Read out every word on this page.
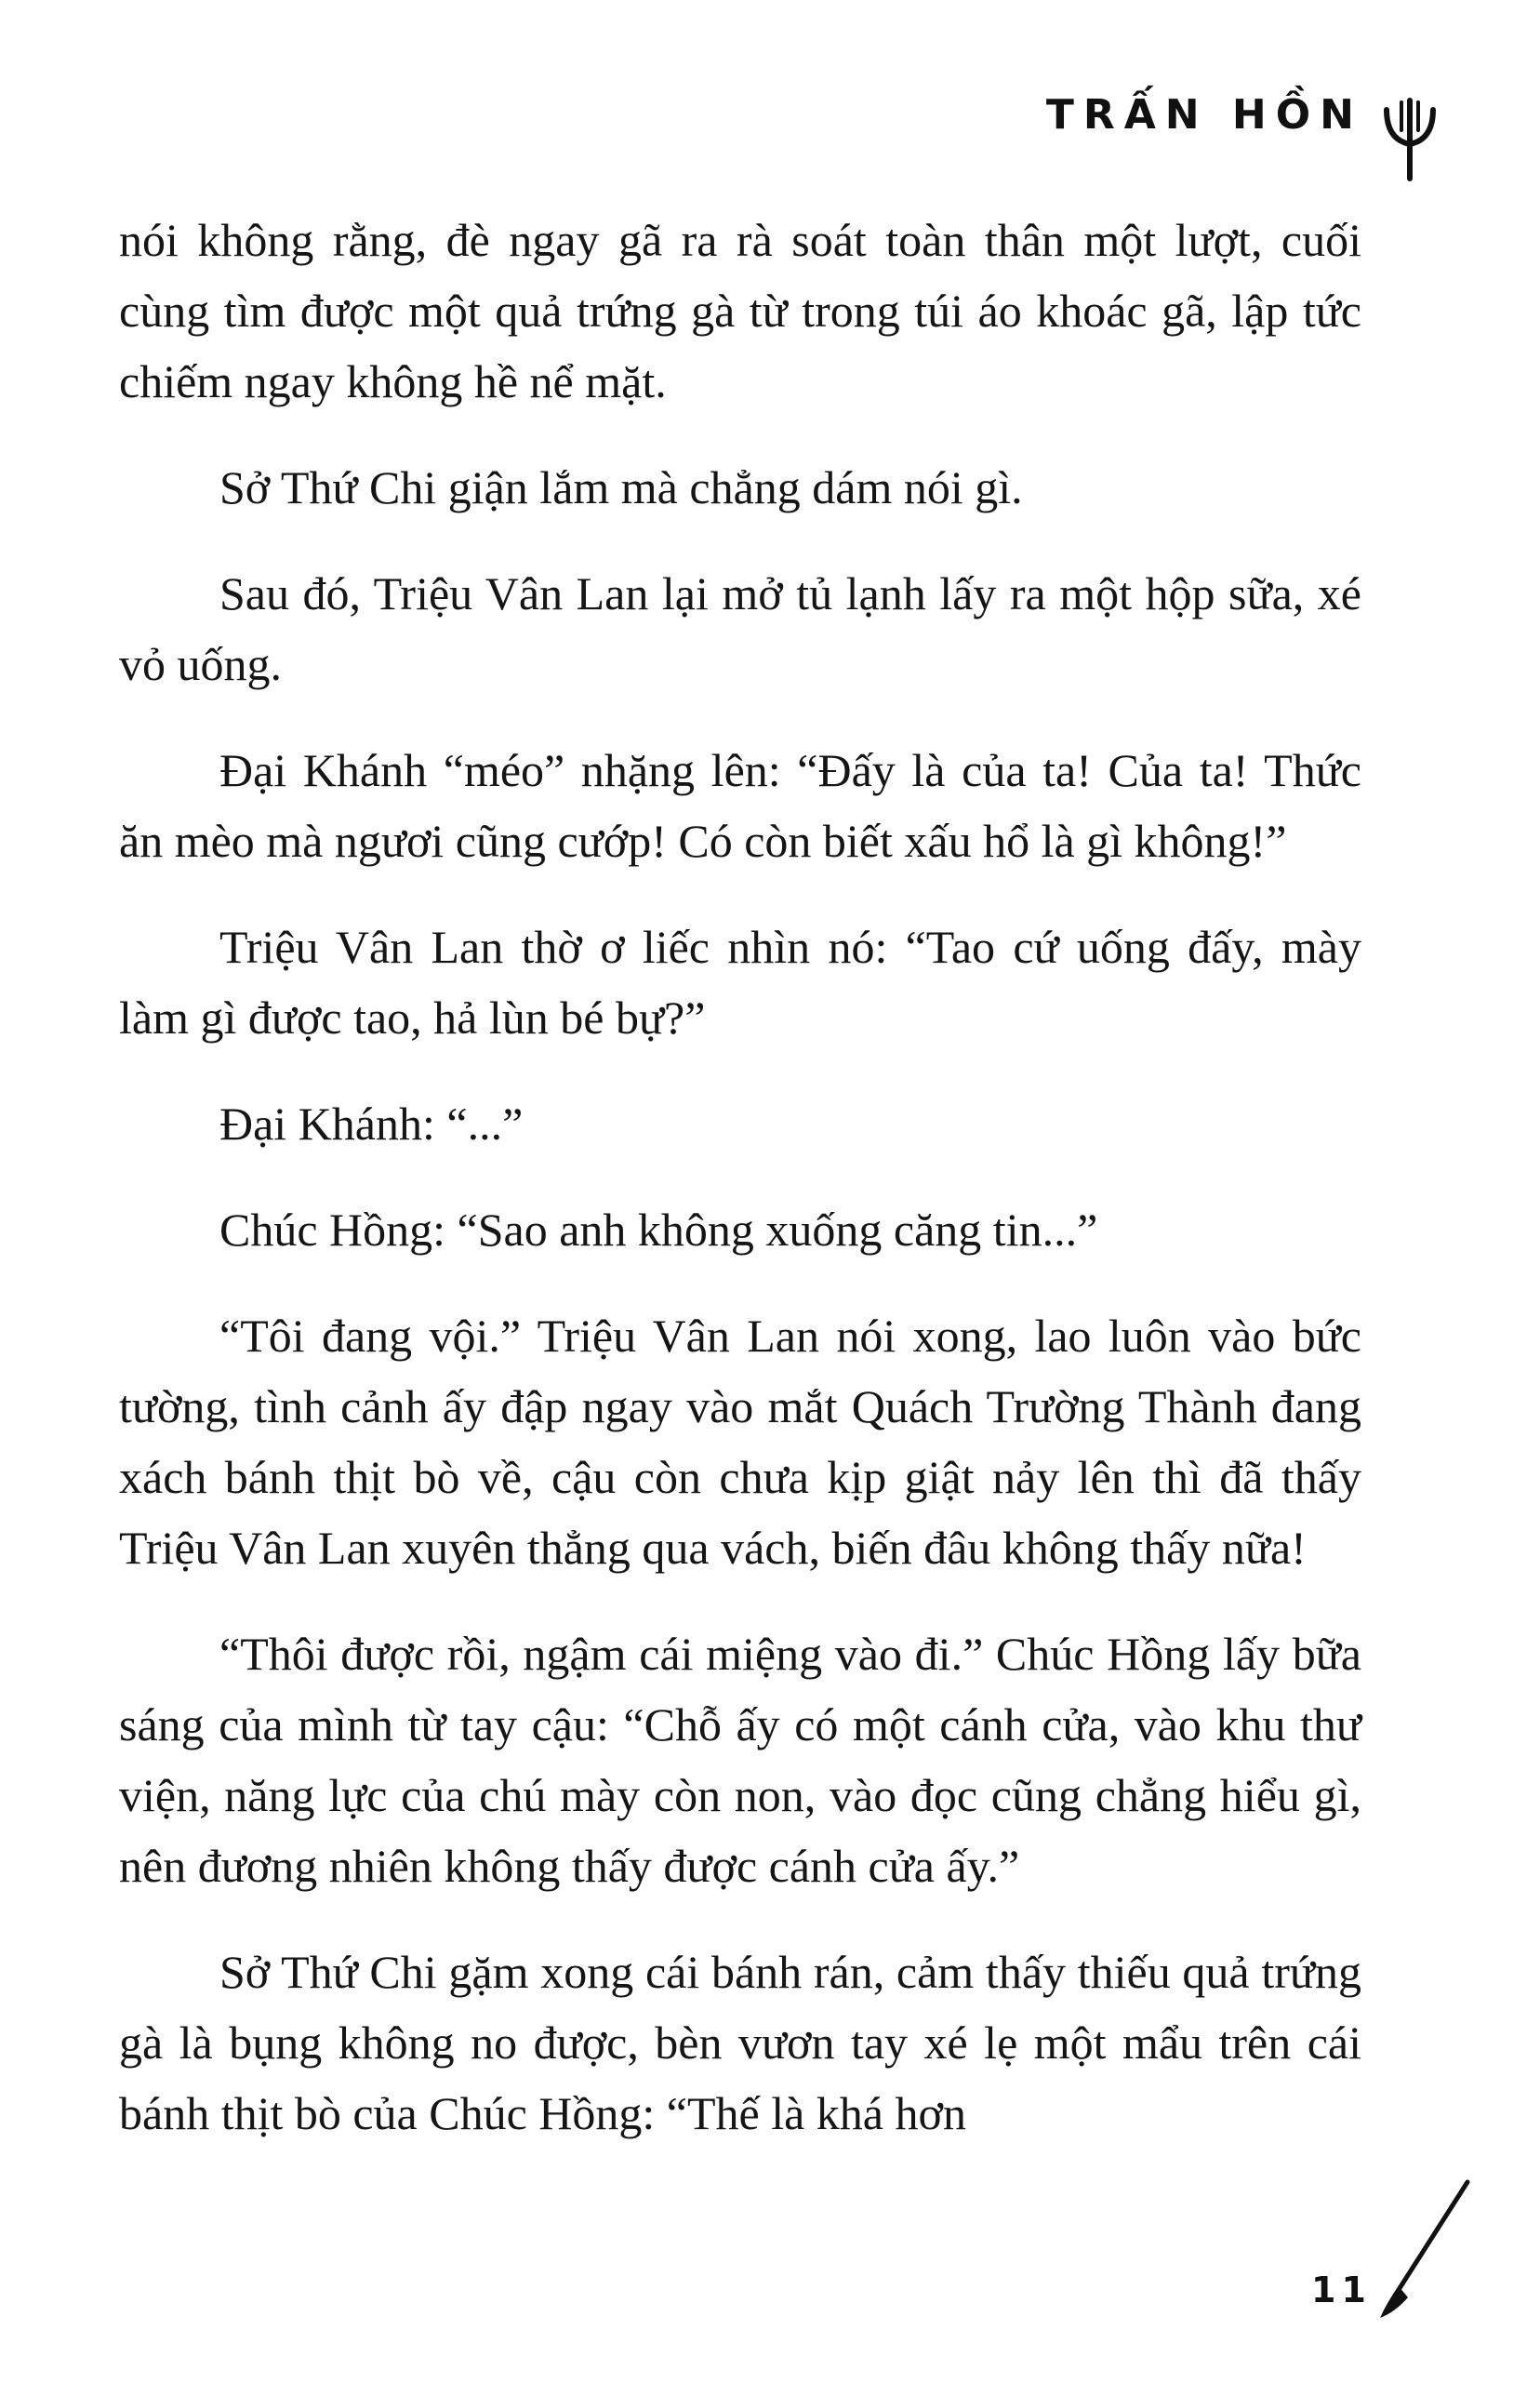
TRẤN HỒN

nói không rằng, đè ngay gã ra rà soát toàn thân một lượt, cuối cùng tìm được một quả trứng gà từ trong túi áo khoác gã, lập tức chiếm ngay không hề nể mặt.

Sở Thứ Chi giận lắm mà chẳng dám nói gì.

Sau đó, Triệu Vân Lan lại mở tủ lạnh lấy ra một hộp sữa, xé vỏ uống.

Đại Khánh “méo” nhặng lên: “Đấy là của ta! Của ta! Thức ăn mèo mà ngươi cũng cướp! Có còn biết xấu hổ là gì không!”

Triệu Vân Lan thờ ơ liếc nhìn nó: “Tao cứ uống đấy, mày làm gì được tao, hả lùn bé bự?”

Đại Khánh: “...”

Chúc Hồng: “Sao anh không xuống căng tin...”

“Tôi đang vội.” Triệu Vân Lan nói xong, lao luôn vào bức tường, tình cảnh ấy đập ngay vào mắt Quách Trường Thành đang xách bánh thịt bò về, cậu còn chưa kịp giật nảy lên thì đã thấy Triệu Vân Lan xuyên thẳng qua vách, biến đâu không thấy nữa!

“Thôi được rồi, ngậm cái miệng vào đi.” Chúc Hồng lấy bữa sáng của mình từ tay cậu: “Chỗ ấy có một cánh cửa, vào khu thư viện, năng lực của chú mày còn non, vào đọc cũng chẳng hiểu gì, nên đương nhiên không thấy được cánh cửa ấy.”

Sở Thứ Chi gặm xong cái bánh rán, cảm thấy thiếu quả trứng gà là bụng không no được, bèn vươn tay xé lẹ một mẩu trên cái bánh thịt bò của Chúc Hồng: “Thế là khá hơn

11
